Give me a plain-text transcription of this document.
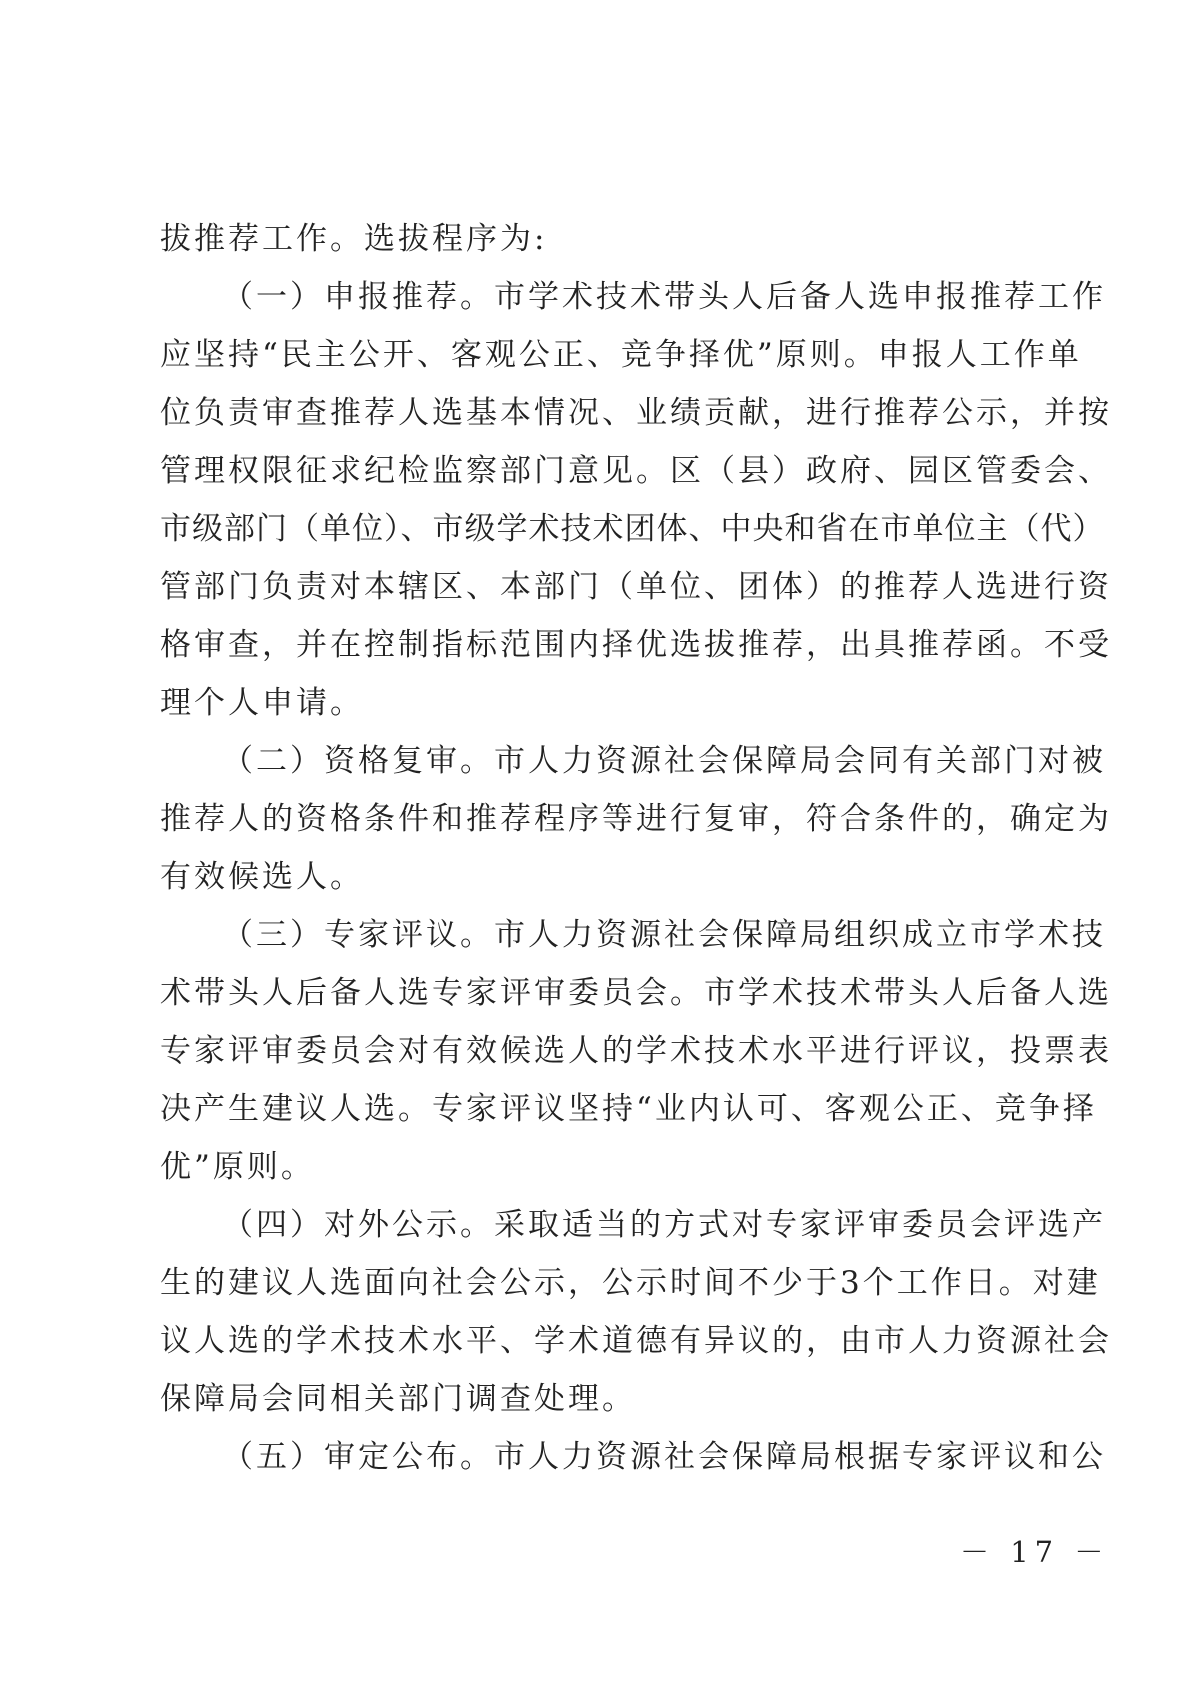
拔推荐工作。选拔程序为:
（一）申报推荐。市学术技术带头人后备人选申报推荐工作
应坚持“民主公开、客观公正、竞争择优”原则。申报人工作单
位负责审查推荐人选基本情况、业绩贡献，进行推荐公示，并按
管理权限征求纪检监察部门意见。区（县）政府、园区管委会、
市级部门（单位）、市级学术技术团体、中央和省在市单位主（代）
管部门负责对本辖区、本部门（单位、团体）的推荐人选进行资
格审查，并在控制指标范围内择优选拔推荐，出具推荐函。不受
理个人申请。
（二）资格复审。市人力资源社会保障局会同有关部门对被
推荐人的资格条件和推荐程序等进行复审，符合条件的，确定为
有效候选人。
（三）专家评议。市人力资源社会保障局组织成立市学术技
术带头人后备人选专家评审委员会。市学术技术带头人后备人选
专家评审委员会对有效候选人的学术技术水平进行评议，投票表
决产生建议人选。专家评议坚持“业内认可、客观公正、竞争择
优”原则。
（四）对外公示。采取适当的方式对专家评审委员会评选产
生的建议人选面向社会公示，公示时间不少于3个工作日。对建
议人选的学术技术水平、学术道德有异议的，由市人力资源社会
保障局会同相关部门调查处理。
（五）审定公布。市人力资源社会保障局根据专家评议和公
－ 17 －
